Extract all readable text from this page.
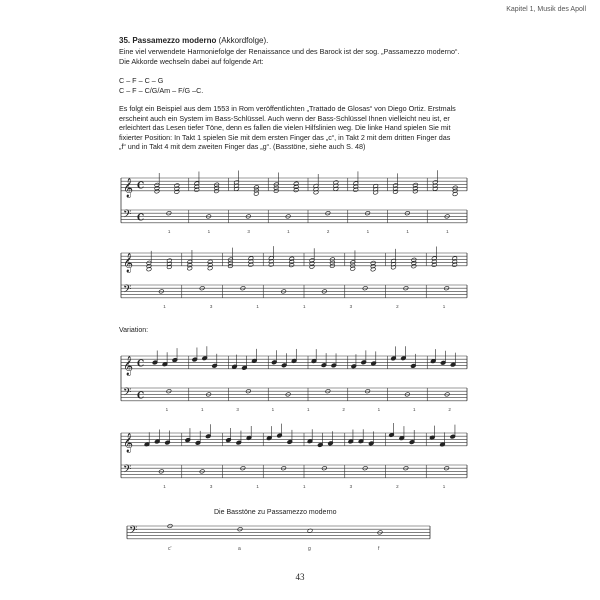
Kapitel 1, Musik des Apoll
35. Passamezzo moderno (Akkordfolge).
Eine viel verwendete Harmoniefolge der Renaissance und des Barock ist der sog. „Passamezzo moderno“.
Die Akkorde wechseln dabei auf folgende Art:
C – F – C – G
C – F – C/G/Am – F/G –C.
Es folgt ein Beispiel aus dem 1553 in Rom veröffentlichten „Trattado de Glosas“ von Diego Ortiz. Erstmals
erscheint auch ein System im Bass-Schlüssel. Auch wenn der Bass-Schlüssel Ihnen vielleicht neu ist, er
erleichtert das Lesen tiefer Töne, denn es fallen die vielen Hilfslinien weg. Die linke Hand spielen Sie mit
fixierter Position: In Takt 1 spielen Sie mit dem ersten Finger das „c“, in Takt 2 mit dem dritten Finger das
„f“ und in Takt 4 mit dem zweiten Finger das „g“. (Basstöne, siehe auch S. 48)
𝄞
𝄢
C
C
1	1	3	1	2	1	1	1
𝄞
𝄢
1	3	1	1	3	2	1
Variation:
𝄞
𝄢
C
C
1	1	3	1	1	2	1	1	2
𝄞
𝄢
1	3	1	1	3	2	1
Die Basstöne zu Passamezzo moderno
𝄢
c'	a	g	f
43
